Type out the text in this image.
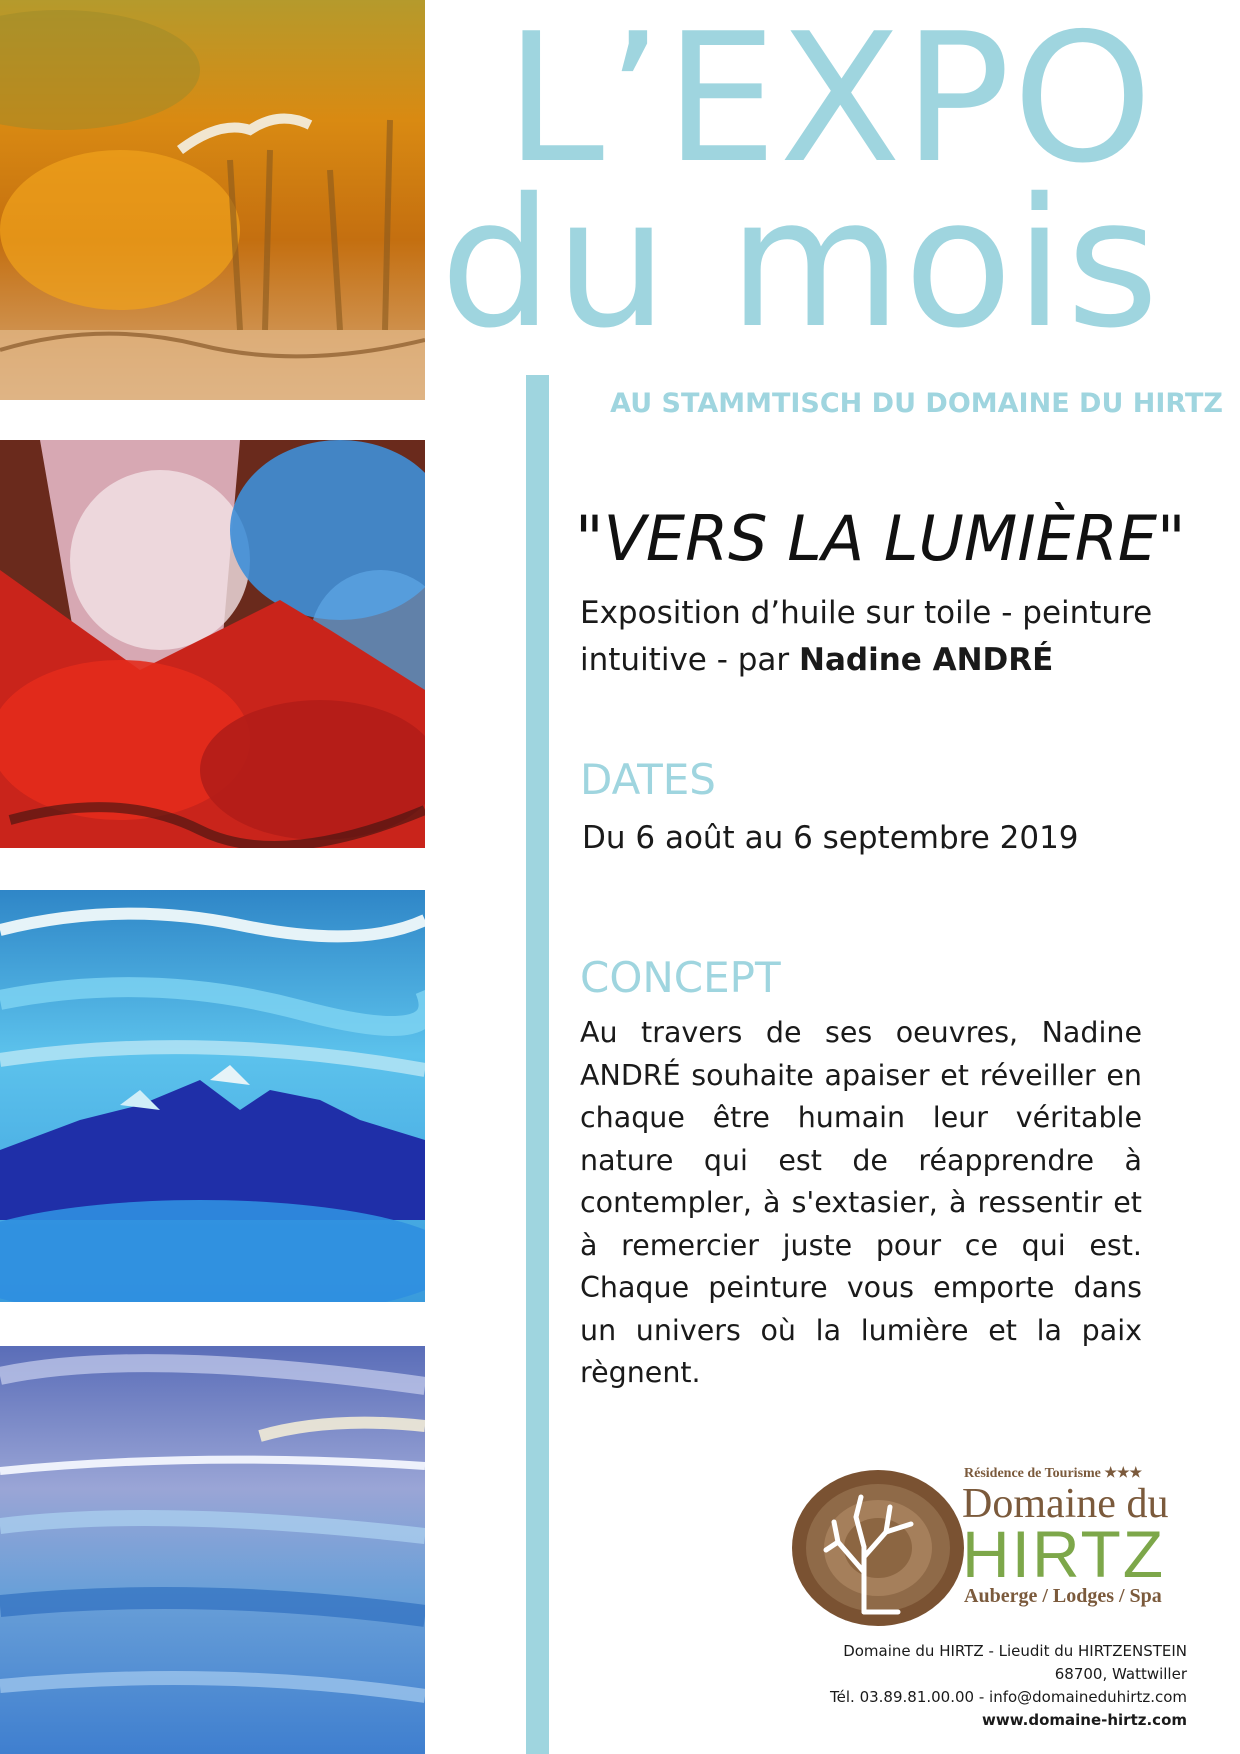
L’EXPO
du mois
AU STAMMTISCH DU DOMAINE DU HIRTZ
"VERS LA LUMIÈRE"
Exposition d’huile sur toile - peinture intuitive - par Nadine ANDRÉ
DATES
Du 6 août au 6 septembre 2019
CONCEPT
Au travers de ses oeuvres, Nadine ANDRÉ souhaite apaiser et réveiller en chaque être humain leur véritable nature qui est de réapprendre à contempler, à s'extasier, à ressentir et à remercier juste pour ce qui est. Chaque peinture vous emporte dans un univers où la lumière et la paix règnent.
Résidence de Tourisme ★★★
Domaine du
HIRTZ
Auberge / Lodges / Spa
Domaine du HIRTZ - Lieudit du HIRTZENSTEIN
68700, Wattwiller
Tél. 03.89.81.00.00 - info@domaineduhirtz.com
www.domaine-hirtz.com
